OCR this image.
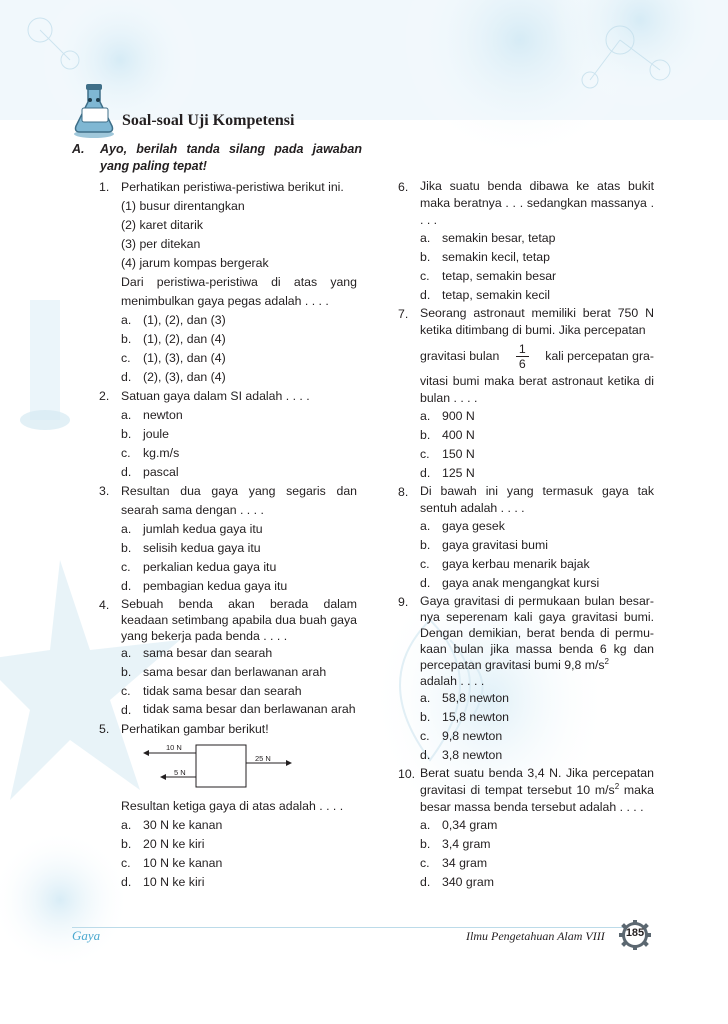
Soal-soal Uji Kompetensi
A.	Ayo, berilah tanda silang pada jawaban yang paling tepat!
1. Perhatikan peristiwa-peristiwa berikut ini.
(1) busur direntangkan
(2) karet ditarik
(3) per ditekan
(4) jarum kompas bergerak
Dari peristiwa-peristiwa di atas yang menimbulkan gaya pegas adalah . . . .
a. (1), (2), dan (3)
b. (1), (2), dan (4)
c.	(1), (3), dan (4)
d. (2), (3), dan (4)
2. Satuan gaya dalam SI adalah . . . .
a. newton
b. joule
c.	kg.m/s
d. pascal
3. Resultan dua gaya yang segaris dan searah sama dengan . . . .
a. jumlah kedua gaya itu
b. selisih kedua gaya itu
c.	perkalian kedua gaya itu
d. pembagian kedua gaya itu
4. Sebuah benda akan berada dalam keadaan setimbang apabila dua buah gaya yang bekerja pada benda . . . .
a. sama besar dan searah
b. sama besar dan berlawanan arah
c.	tidak sama besar dan searah
d. tidak sama besar dan berlawanan arah
5. Perhatikan gambar berikut!
10 N
5 N
25 N
Resultan ketiga gaya di atas adalah . . . .
a. 30 N ke kanan
b. 20 N ke kiri
c.	10 N ke kanan
d. 10 N ke kiri
6. Jika suatu benda dibawa ke atas bukit maka beratnya . . . sedangkan massanya . . . .
a. semakin besar, tetap
b. semakin kecil, tetap
c.	tetap, semakin besar
d. tetap, semakin kecil
7. Seorang astronaut memiliki berat 750 N ketika ditimbang di bumi. Jika percepatan
gravitasi bulan $\frac{1}{6}$ kali percepatan gra-
vitasi bumi maka berat astronaut ketika di bulan . . . .
a. 900 N
b. 400 N
c.	150 N
d. 125 N
8. Di bawah ini yang termasuk gaya tak sentuh adalah . . . .
a. gaya gesek
b. gaya gravitasi bumi
c.	gaya kerbau menarik bajak
d. gaya anak mengangkat kursi
9. Gaya gravitasi di permukaan bulan besar-nya seperenam kali gaya gravitasi bumi. Dengan demikian, berat benda di permu-kaan bulan jika massa benda 6 kg dan percepatan gravitasi bumi 9,8 $m/s^2$
adalah . . . .
a. 58,8 newton
b. 15,8 newton
c.	9,8 newton
d. 3,8 newton
10. Berat suatu benda 3,4 N. Jika percepatan gravitasi di tempat tersebut 10 $m/s^2$ maka besar massa benda tersebut adalah . . . .
a. 0,34 gram
b. 3,4 gram
c.	34 gram
d. 340 gram
Gaya	Ilmu Pengetahuan Alam VIII	185
